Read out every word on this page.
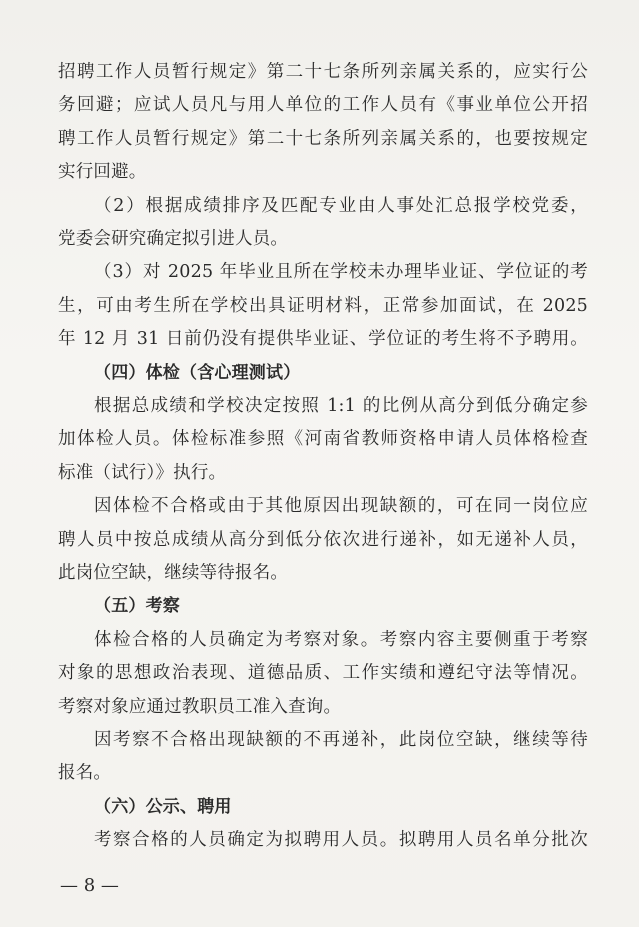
招聘工作人员暂行规定》第二十七条所列亲属关系的，应实行公
务回避；应试人员凡与用人单位的工作人员有《事业单位公开招
聘工作人员暂行规定》第二十七条所列亲属关系的，也要按规定
实行回避。
（2）根据成绩排序及匹配专业由人事处汇总报学校党委，
党委会研究确定拟引进人员。
（3）对 2025 年毕业且所在学校未办理毕业证、学位证的考
生，可由考生所在学校出具证明材料，正常参加面试，在 2025
年 12 月 31 日前仍没有提供毕业证、学位证的考生将不予聘用。
（四）体检（含心理测试）
根据总成绩和学校决定按照 1:1 的比例从高分到低分确定参
加体检人员。体检标准参照《河南省教师资格申请人员体格检查
标准（试行）》执行。
因体检不合格或由于其他原因出现缺额的，可在同一岗位应
聘人员中按总成绩从高分到低分依次进行递补，如无递补人员，
此岗位空缺，继续等待报名。
（五）考察
体检合格的人员确定为考察对象。考察内容主要侧重于考察
对象的思想政治表现、道德品质、工作实绩和遵纪守法等情况。
考察对象应通过教职员工准入查询。
因考察不合格出现缺额的不再递补，此岗位空缺，继续等待
报名。
（六）公示、聘用
考察合格的人员确定为拟聘用人员。拟聘用人员名单分批次
— 8 —
